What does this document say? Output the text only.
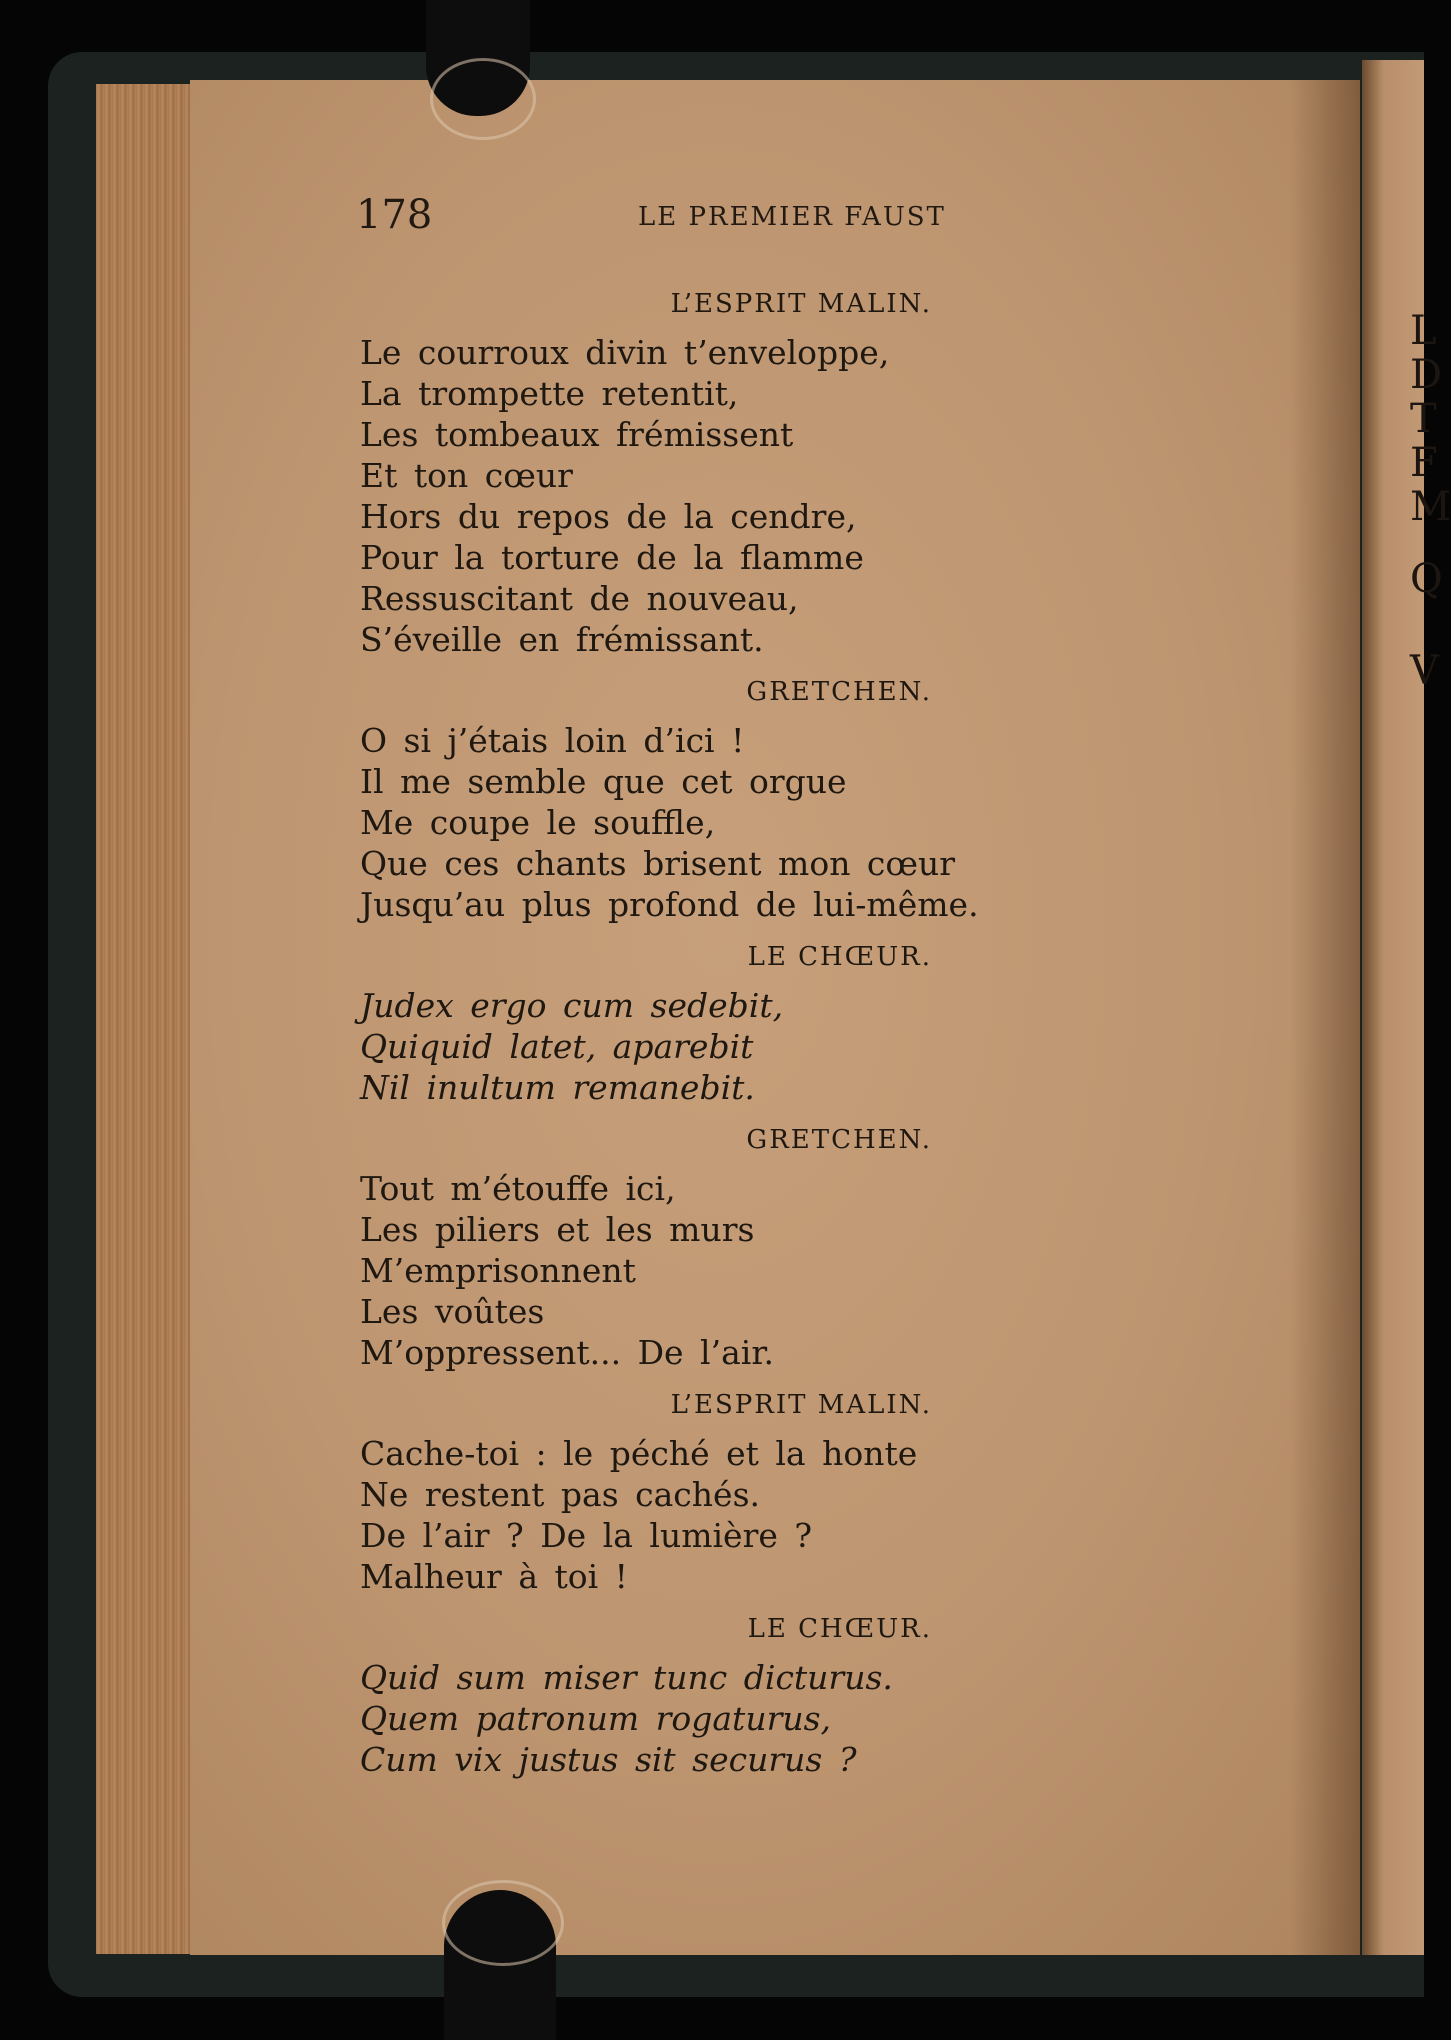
L
D
T
F
M
Q
V
178	LE PREMIER FAUST
L’ESPRIT MALIN.
Le courroux divin t’enveloppe,
La trompette retentit,
Les tombeaux frémissent
Et ton cœur
Hors du repos de la cendre,
Pour la torture de la flamme
Ressuscitant de nouveau,
S’éveille en frémissant.
GRETCHEN.
O si j’étais loin d’ici !
Il me semble que cet orgue
Me coupe le souffle,
Que ces chants brisent mon cœur
Jusqu’au plus profond de lui-même.
LE CHŒUR.
Judex ergo cum sedebit,
Quiquid latet, aparebit
Nil inultum remanebit.
GRETCHEN.
Tout m’étouffe ici,
Les piliers et les murs
M’emprisonnent
Les voûtes
M’oppressent... De l’air.
L’ESPRIT MALIN.
Cache-toi : le péché et la honte
Ne restent pas cachés.
De l’air ? De la lumière ?
Malheur à toi !
LE CHŒUR.
Quid sum miser tunc dicturus.
Quem patronum rogaturus,
Cum vix justus sit securus ?
